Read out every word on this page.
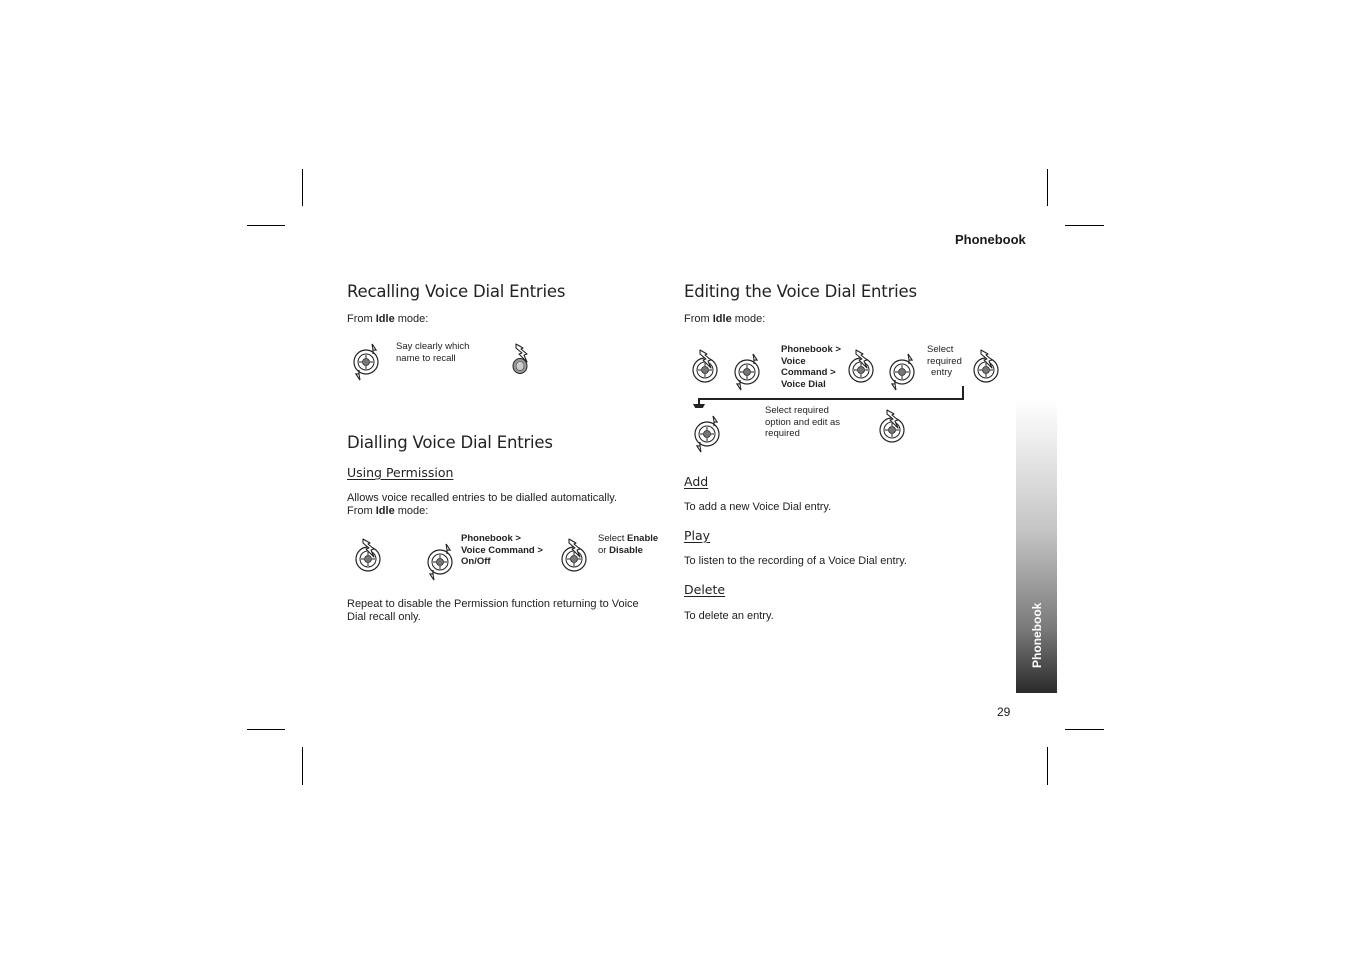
Phonebook
Recalling Voice Dial Entries
From Idle mode:
Say clearly which
name to recall
Dialling Voice Dial Entries
Using Permission
Allows voice recalled entries to be dialled automatically.
From Idle mode:
Phonebook >
Voice Command >
On/Off
Select Enable
or Disable
Repeat to disable the Permission function returning to Voice
Dial recall only.
Editing the Voice Dial Entries
From Idle mode:
Phonebook >
Voice
Command >
Voice Dial
Select
required
entry
Select required
option and edit as
required
Add
To add a new Voice Dial entry.
Play
To listen to the recording of a Voice Dial entry.
Delete
To delete an entry.	Phonebook
29
